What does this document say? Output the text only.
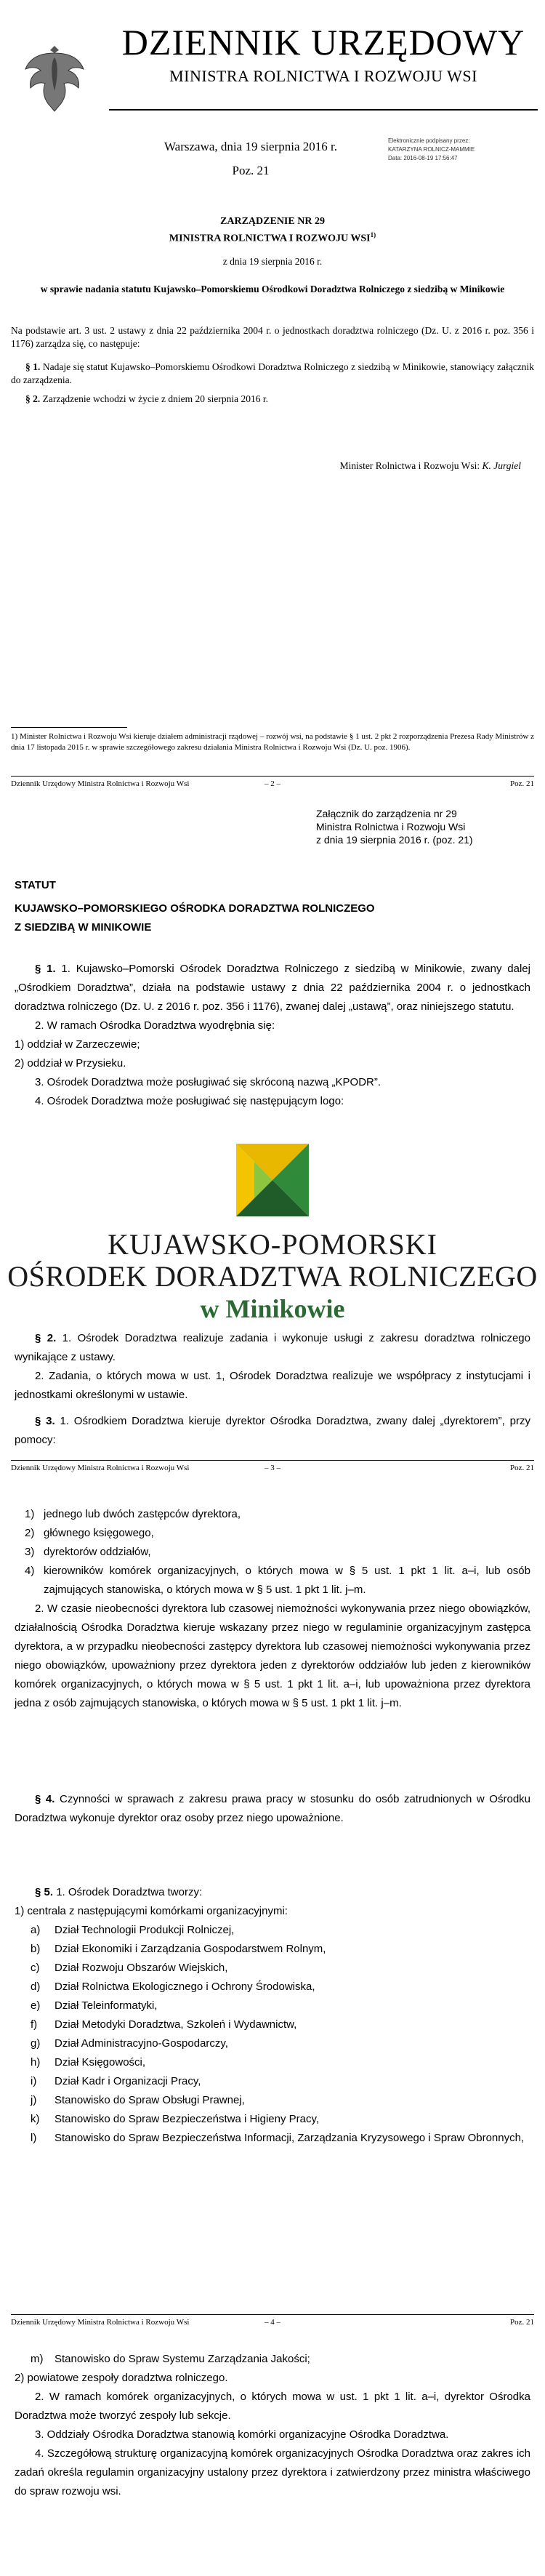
DZIENNIK URZĘDOWY
MINISTRA ROLNICTWA I ROZWOJU WSI
Warszawa, dnia 19 sierpnia 2016 r.
Poz. 21
Elektronicznie podpisany przez:
KATARZYNA ROLNICZ-MAMMIE
Data: 2016-08-19 17:56:47
ZARZĄDZENIE NR 29
MINISTRA ROLNICTWA I ROZWOJU WSI$^{1)}$
z dnia 19 sierpnia 2016 r.
w sprawie nadania statutu Kujawsko–Pomorskiemu Ośrodkowi Doradztwa Rolniczego z siedzibą w Minikowie
Na podstawie art. 3 ust. 2 ustawy z dnia 22 października 2004 r. o jednostkach doradztwa rolniczego (Dz. U. z 2016 r. poz. 356 i 1176) zarządza się, co następuje:
§ 1. Nadaje się statut Kujawsko–Pomorskiemu Ośrodkowi Doradztwa Rolniczego z siedzibą w Minikowie, stanowiący załącznik do zarządzenia.
§ 2. Zarządzenie wchodzi w życie z dniem 20 sierpnia 2016 r.
Minister Rolnictwa i Rozwoju Wsi: K. Jurgiel
1) Minister Rolnictwa i Rozwoju Wsi kieruje działem administracji rządowej – rozwój wsi, na podstawie § 1 ust. 2 pkt 2 rozporządzenia Prezesa Rady Ministrów z dnia 17 listopada 2015 r. w sprawie szczegółowego zakresu działania Ministra Rolnictwa i Rozwoju Wsi (Dz. U. poz. 1906).
Dziennik Urzędowy Ministra Rolnictwa i Rozwoju Wsi	– 2 –	Poz. 21
Załącznik do zarządzenia nr 29
Ministra Rolnictwa i Rozwoju Wsi
z dnia 19 sierpnia 2016 r. (poz. 21)
STATUT
KUJAWSKO–POMORSKIEGO OŚRODKA DORADZTWA ROLNICZEGO
Z SIEDZIBĄ W MINIKOWIE

§ 1. 1. Kujawsko–Pomorski Ośrodek Doradztwa Rolniczego z siedzibą w Minikowie, zwany dalej „Ośrodkiem Doradztwa”, działa na podstawie ustawy z dnia 22 października 2004 r. o jednostkach doradztwa rolniczego (Dz. U. z 2016 r. poz. 356 i 1176), zwanej dalej „ustawą”, oraz niniejszego statutu.

2. W ramach Ośrodka Doradztwa wyodrębnia się:

1) oddział w Zarzeczewie;

2) oddział w Przysieku.

3. Ośrodek Doradztwa może posługiwać się skróconą nazwą „KPODR”.

4. Ośrodek Doradztwa może posługiwać się następującym logo:

KUJAWSKO-POMORSKI
OŚRODEK DORADZTWA ROLNICZEGO
w Minikowie

§ 2. 1. Ośrodek Doradztwa realizuje zadania i wykonuje usługi z zakresu doradztwa rolniczego wynikające z ustawy.

2. Zadania, o których mowa w ust. 1, Ośrodek Doradztwa realizuje we współpracy z instytucjami i jednostkami określonymi w ustawie.

§ 3. 1. Ośrodkiem Doradztwa kieruje dyrektor Ośrodka Doradztwa, zwany dalej „dyrektorem”, przy pomocy:

Dziennik Urzędowy Ministra Rolnictwa i Rozwoju Wsi	– 3 –	Poz. 21

1) jednego lub dwóch zastępców dyrektora,

2) głównego księgowego,

3) dyrektorów oddziałów,

4) kierowników komórek organizacyjnych, o których mowa w § 5 ust. 1 pkt 1 lit. a–i, lub osób zajmujących stanowiska, o których mowa w § 5 ust. 1 pkt 1 lit. j–m.

2. W czasie nieobecności dyrektora lub czasowej niemożności wykonywania przez niego obowiązków, działalnością Ośrodka Doradztwa kieruje wskazany przez niego w regulaminie organizacyjnym zastępca dyrektora, a w przypadku nieobecności zastępcy dyrektora lub czasowej niemożności wykonywania przez niego obowiązków, upoważniony przez dyrektora jeden z dyrektorów oddziałów lub jeden z kierowników komórek organizacyjnych, o których mowa w § 5 ust. 1 pkt 1 lit. a–i, lub upoważniona przez dyrektora jedna z osób zajmujących stanowiska, o których mowa w § 5 ust. 1 pkt 1 lit. j–m.

§ 4. Czynności w sprawach z zakresu prawa pracy w stosunku do osób zatrudnionych w Ośrodku Doradztwa wykonuje dyrektor oraz osoby przez niego upoważnione.

§ 5. 1. Ośrodek Doradztwa tworzy:

1) centrala z następującymi komórkami organizacyjnymi:

a) Dział Technologii Produkcji Rolniczej,

b) Dział Ekonomiki i Zarządzania Gospodarstwem Rolnym,

c) Dział Rozwoju Obszarów Wiejskich,

d) Dział Rolnictwa Ekologicznego i Ochrony Środowiska,

e) Dział Teleinformatyki,

f) Dział Metodyki Doradztwa, Szkoleń i Wydawnictw,

g) Dział Administracyjno-Gospodarczy,

h) Dział Księgowości,

i) Dział Kadr i Organizacji Pracy,

j) Stanowisko do Spraw Obsługi Prawnej,

k) Stanowisko do Spraw Bezpieczeństwa i Higieny Pracy,

l) Stanowisko do Spraw Bezpieczeństwa Informacji, Zarządzania Kryzysowego i Spraw Obronnych,

Dziennik Urzędowy Ministra Rolnictwa i Rozwoju Wsi	– 4 –	Poz. 21

m) Stanowisko do Spraw Systemu Zarządzania Jakości;

2) powiatowe zespoły doradztwa rolniczego.

2. W ramach komórek organizacyjnych, o których mowa w ust. 1 pkt 1 lit. a–i, dyrektor Ośrodka Doradztwa może tworzyć zespoły lub sekcje.

3. Oddziały Ośrodka Doradztwa stanowią komórki organizacyjne Ośrodka Doradztwa.

4. Szczegółową strukturę organizacyjną komórek organizacyjnych Ośrodka Doradztwa oraz zakres ich zadań określa regulamin organizacyjny ustalony przez dyrektora i zatwierdzony przez ministra właściwego do spraw rozwoju wsi.
